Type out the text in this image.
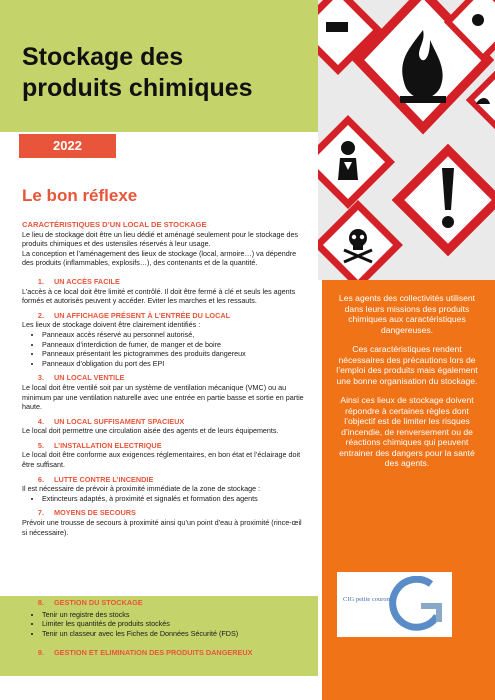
Stockage des
produits chimiques
2022
Le bon réflexe

CARACTÉRISTIQUES D’UN LOCAL DE STOCKAGE

Le lieu de stockage doit être un lieu dédié et aménagé seulement pour le stockage des produits chimiques et des ustensiles réservés à leur usage.

La conception et l’aménagement des lieux de stockage (local, armoire…) va dépendre des produits (inflammables, explosifs…), des contenants et de la quantité.

1. UN ACCÈS FACILE

L’accès à ce local doit être limité et contrôlé. Il doit être fermé à clé et seuls les agents formés et autorisés peuvent y accéder. Eviter les marches et les ressauts.

2. UN AFFICHAGE PRÉSENT À L’ENTRÉE DU LOCAL

Les lieux de stockage doivent être clairement identifiés :

• Panneaux accès réservé au personnel autorisé,
• Panneaux d’interdiction de fumer, de manger et de boire
• Panneaux présentant les pictogrammes des produits dangereux
• Panneaux d’obligation du port des EPI

3. UN LOCAL VENTILE

Le local doit être ventilé soit par un système de ventilation mécanique (VMC) ou au minimum par une ventilation naturelle avec une entrée en partie basse et sortie en partie haute.

4. UN LOCAL SUFFISAMENT SPACIEUX

Le local doit permettre une circulation aisée des agents et de leurs équipements.

5. L’INSTALLATION ELECTRIQUE

Le local doit être conforme aux exigences réglementaires, en bon état et l’éclairage doit être suffisant.

6. LUTTE CONTRE L’INCENDIE

Il est nécessaire de prévoir à proximité immédiate de la zone de stockage :

• Extincteurs adaptés, à proximité et signalés et formation des agents

7. MOYENS DE SECOURS

Prévoir une trousse de secours à proximité ainsi qu’un point d’eau à proximité (rince-œil si nécessaire).

8. GESTION DU STOCKAGE

• Tenir un registre des stocks
• Limiter les quantités de produits stockés
• Tenir un classeur avec les Fiches de Données Sécurité (FDS)

9. GESTION ET ELIMINATION DES PRODUITS DANGEREUX

Les agents des collectivités utilisent dans leurs missions des produits chimiques aux caractéristiques dangereuses.

Ces caractéristiques rendent nécessaires des précautions lors de l’emploi des produits mais également une bonne organisation du stockage.

Ainsi ces lieux de stockage doivent répondre à certaines règles dont l’objectif est de limiter les risques d’incendie, de renversement ou de réactions chimiques qui peuvent entrainer des dangers pour la santé des agents.

CIG petite couronne
